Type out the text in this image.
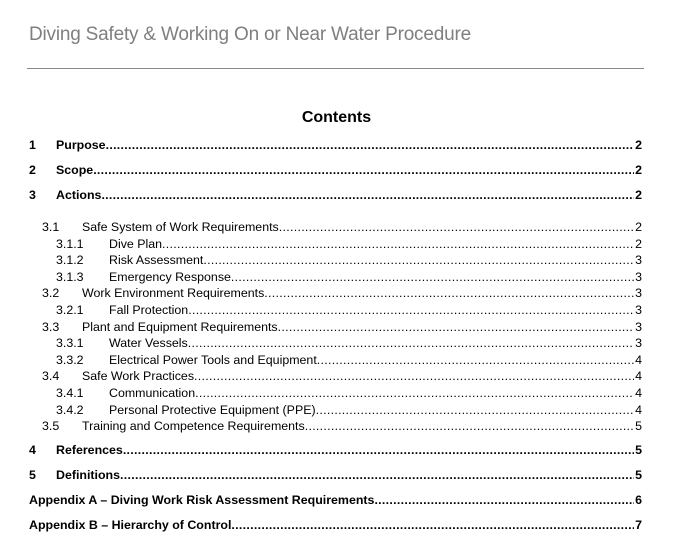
Diving Safety & Working On or Near Water Procedure
Contents
1	Purpose .....	2
2	Scope .....	2
3	Actions .....	2
3.1	Safe System of Work Requirements .....	2
3.1.1	Dive Plan .....	2
3.1.2	Risk Assessment .....	3
3.1.3	Emergency Response .....	3
3.2	Work Environment Requirements .....	3
3.2.1	Fall Protection .....	3
3.3	Plant and Equipment Requirements .....	3
3.3.1	Water Vessels .....	3
3.3.2	Electrical Power Tools and Equipment .....	4
3.4	Safe Work Practices .....	4
3.4.1	Communication .....	4
3.4.2	Personal Protective Equipment (PPE) .....	4
3.5	Training and Competence Requirements .....	5
4	References .....	5
5	Definitions .....	5
Appendix A – Diving Work Risk Assessment Requirements .....	6
Appendix B – Hierarchy of Control .....	7
